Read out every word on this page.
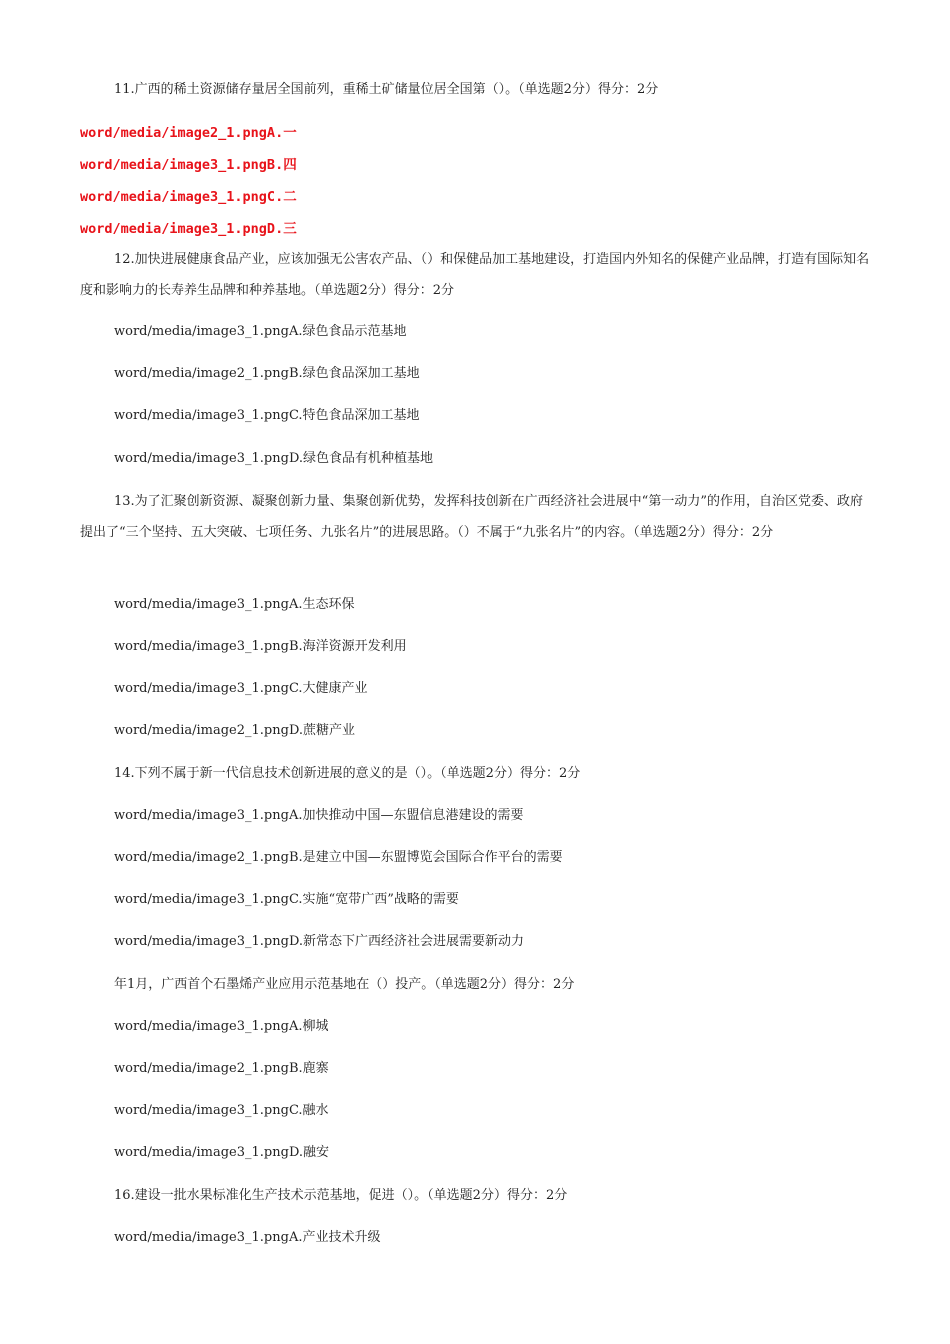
11.广西的稀土资源储存量居全国前列，重稀土矿储量位居全国第（）。（单选题2分）得分：2分
word/media/image2_1.pngA.一
word/media/image3_1.pngB.四
word/media/image3_1.pngC.二
word/media/image3_1.pngD.三
12.加快进展健康食品产业，应该加强无公害农产品、（）和保健品加工基地建设，打造国内外知名的保健产业品牌，打造有国际知名度和影响力的长寿养生品牌和种养基地。（单选题2分）得分：2分
word/media/image3_1.pngA.绿色食品示范基地
word/media/image2_1.pngB.绿色食品深加工基地
word/media/image3_1.pngC.特色食品深加工基地
word/media/image3_1.pngD.绿色食品有机种植基地
13.为了汇聚创新资源、凝聚创新力量、集聚创新优势，发挥科技创新在广西经济社会进展中“第一动力”的作用，自治区党委、政府提出了“三个坚持、五大突破、七项任务、九张名片”的进展思路。（）不属于“九张名片”的内容。（单选题2分）得分：2分
word/media/image3_1.pngA.生态环保
word/media/image3_1.pngB.海洋资源开发利用
word/media/image3_1.pngC.大健康产业
word/media/image2_1.pngD.蔗糖产业
14.下列不属于新一代信息技术创新进展的意义的是（）。（单选题2分）得分：2分
word/media/image3_1.pngA.加快推动中国—东盟信息港建设的需要
word/media/image2_1.pngB.是建立中国—东盟博览会国际合作平台的需要
word/media/image3_1.pngC.实施“宽带广西”战略的需要
word/media/image3_1.pngD.新常态下广西经济社会进展需要新动力
年1月，广西首个石墨烯产业应用示范基地在（）投产。（单选题2分）得分：2分
word/media/image3_1.pngA.柳城
word/media/image2_1.pngB.鹿寨
word/media/image3_1.pngC.融水
word/media/image3_1.pngD.融安
16.建设一批水果标准化生产技术示范基地，促进（）。（单选题2分）得分：2分
word/media/image3_1.pngA.产业技术升级
